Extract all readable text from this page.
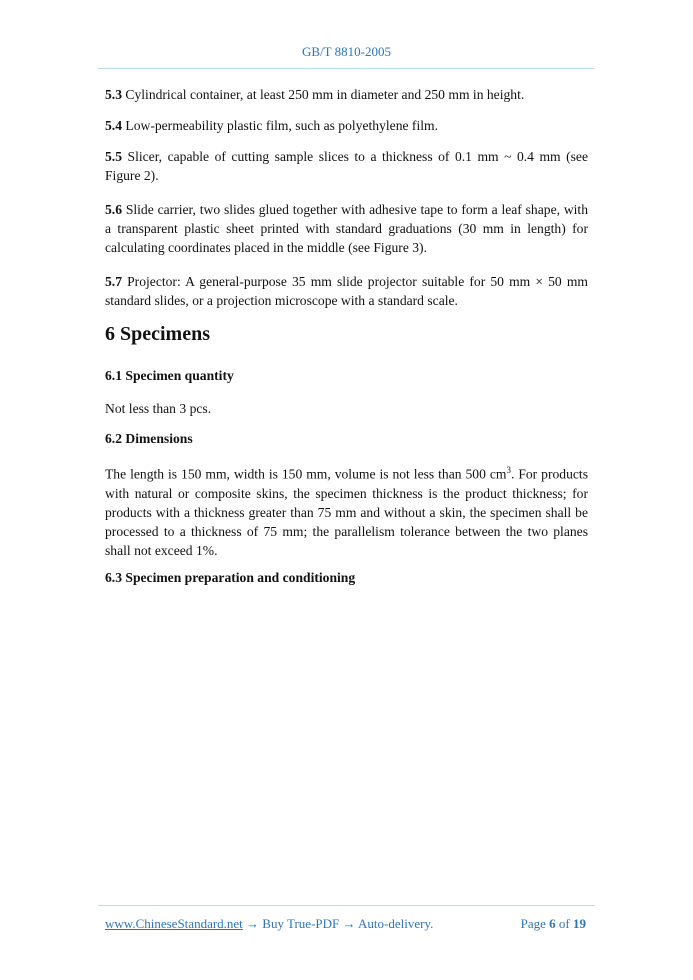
GB/T 8810-2005
5.3 Cylindrical container, at least 250 mm in diameter and 250 mm in height.
5.4 Low-permeability plastic film, such as polyethylene film.
5.5 Slicer, capable of cutting sample slices to a thickness of 0.1 mm ~ 0.4 mm (see Figure 2).
5.6 Slide carrier, two slides glued together with adhesive tape to form a leaf shape, with a transparent plastic sheet printed with standard graduations (30 mm in length) for calculating coordinates placed in the middle (see Figure 3).
5.7 Projector: A general-purpose 35 mm slide projector suitable for 50 mm × 50 mm standard slides, or a projection microscope with a standard scale.
6 Specimens
6.1 Specimen quantity
Not less than 3 pcs.
6.2 Dimensions
The length is 150 mm, width is 150 mm, volume is not less than 500 $cm^3$. For products with natural or composite skins, the specimen thickness is the product thickness; for products with a thickness greater than 75 mm and without a skin, the specimen shall be processed to a thickness of 75 mm; the parallelism tolerance between the two planes shall not exceed 1%.
6.3 Specimen preparation and conditioning
www.ChineseStandard.net → Buy True-PDF → Auto-delivery.	Page 6 of 19
